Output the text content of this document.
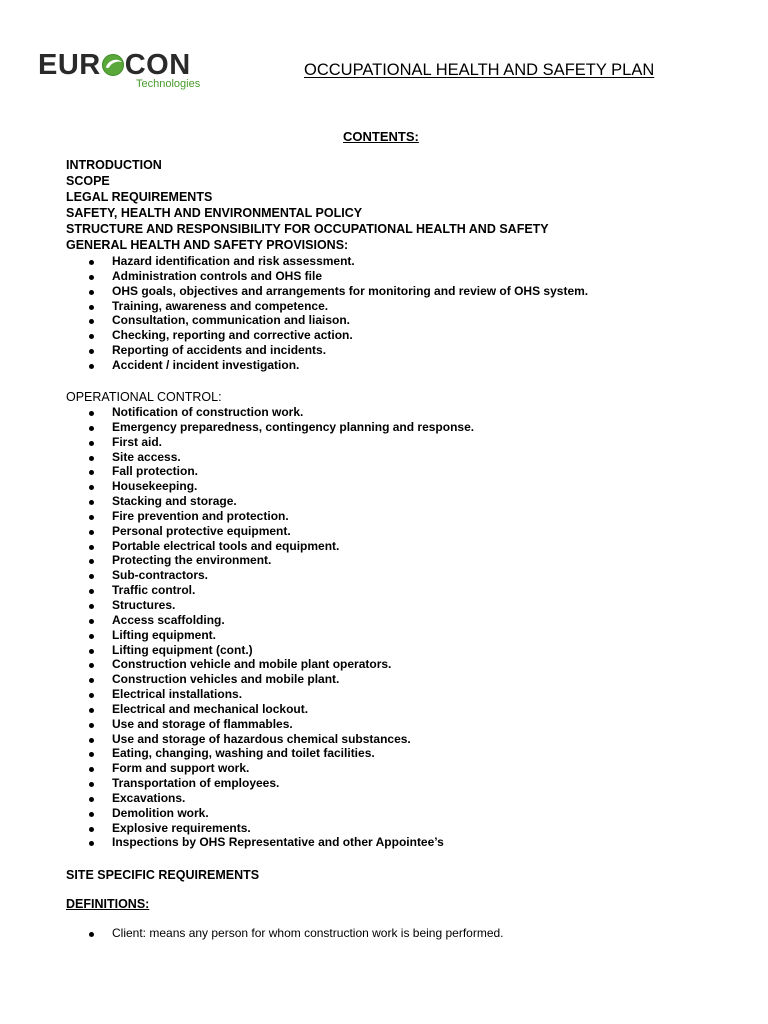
EUR CON
Technologies
OCCUPATIONAL HEALTH AND SAFETY PLAN
CONTENTS:
INTRODUCTION
SCOPE
LEGAL REQUIREMENTS
SAFETY, HEALTH AND ENVIRONMENTAL POLICY
STRUCTURE AND RESPONSIBILITY FOR OCCUPATIONAL HEALTH AND SAFETY
GENERAL HEALTH AND SAFETY PROVISIONS:
Hazard identification and risk assessment.
Administration controls and OHS file
OHS goals, objectives and arrangements for monitoring and review of OHS system.
Training, awareness and competence.
Consultation, communication and liaison.
Checking, reporting and corrective action.
Reporting of accidents and incidents.
Accident / incident investigation.
OPERATIONAL CONTROL:
Notification of construction work.
Emergency preparedness, contingency planning and response.
First aid.
Site access.
Fall protection.
Housekeeping.
Stacking and storage.
Fire prevention and protection.
Personal protective equipment.
Portable electrical tools and equipment.
Protecting the environment.
Sub-contractors.
Traffic control.
Structures.
Access scaffolding.
Lifting equipment.
Lifting equipment (cont.)
Construction vehicle and mobile plant operators.
Construction vehicles and mobile plant.
Electrical installations.
Electrical and mechanical lockout.
Use and storage of flammables.
Use and storage of hazardous chemical substances.
Eating, changing, washing and toilet facilities.
Form and support work.
Transportation of employees.
Excavations.
Demolition work.
Explosive requirements.
Inspections by OHS Representative and other Appointee’s
SITE SPECIFIC REQUIREMENTS
DEFINITIONS:
Client: means any person for whom construction work is being performed.
